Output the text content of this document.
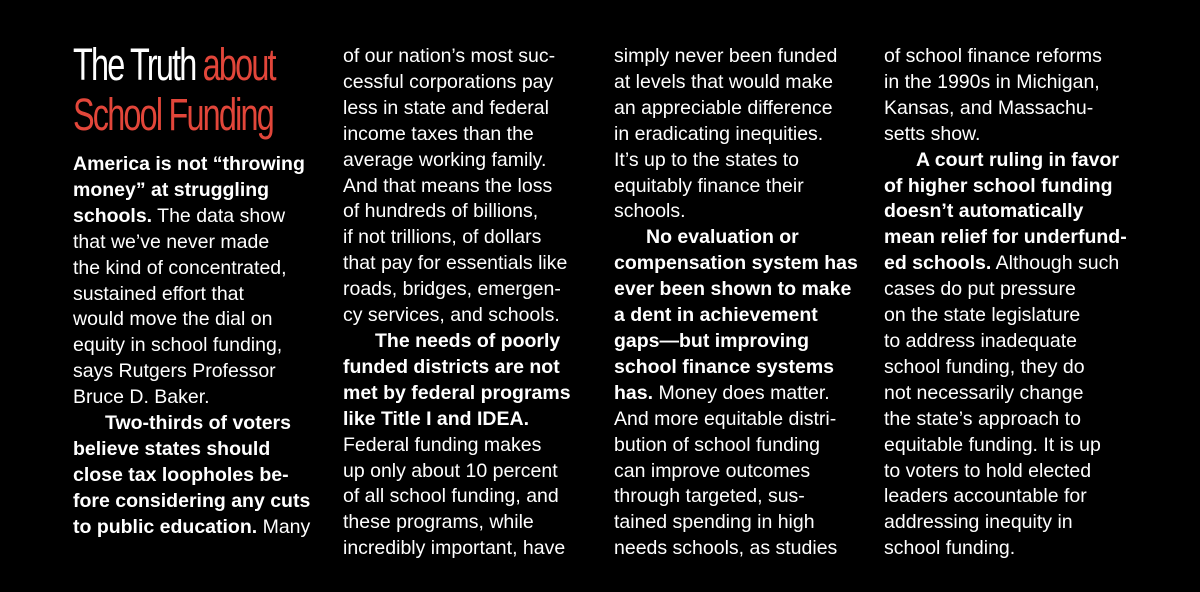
The Truth about
School Funding
America is not “throwing
money” at struggling
schools. The data show
that we’ve never made
the kind of concentrated,
sustained effort that
would move the dial on
equity in school funding,
says Rutgers Professor
Bruce D. Baker.
Two-thirds of voters
believe states should
close tax loopholes be-
fore considering any cuts
to public education. Many
of our nation’s most suc-
cessful corporations pay
less in state and federal
income taxes than the
average working family.
And that means the loss
of hundreds of billions,
if not trillions, of dollars
that pay for essentials like
roads, bridges, emergen-
cy services, and schools.
The needs of poorly
funded districts are not
met by federal programs
like Title I and IDEA.
Federal funding makes
up only about 10 percent
of all school funding, and
these programs, while
incredibly important, have
simply never been funded
at levels that would make
an appreciable difference
in eradicating inequities.
It’s up to the states to
equitably finance their
schools.
No evaluation or
compensation system has
ever been shown to make
a dent in achievement
gaps—but improving
school finance systems
has. Money does matter.
And more equitable distri-
bution of school funding
can improve outcomes
through targeted, sus-
tained spending in high
needs schools, as studies
of school finance reforms
in the 1990s in Michigan,
Kansas, and Massachu-
setts show.
A court ruling in favor
of higher school funding
doesn’t automatically
mean relief for underfund-
ed schools. Although such
cases do put pressure
on the state legislature
to address inadequate
school funding, they do
not necessarily change
the state’s approach to
equitable funding. It is up
to voters to hold elected
leaders accountable for
addressing inequity in
school funding.
